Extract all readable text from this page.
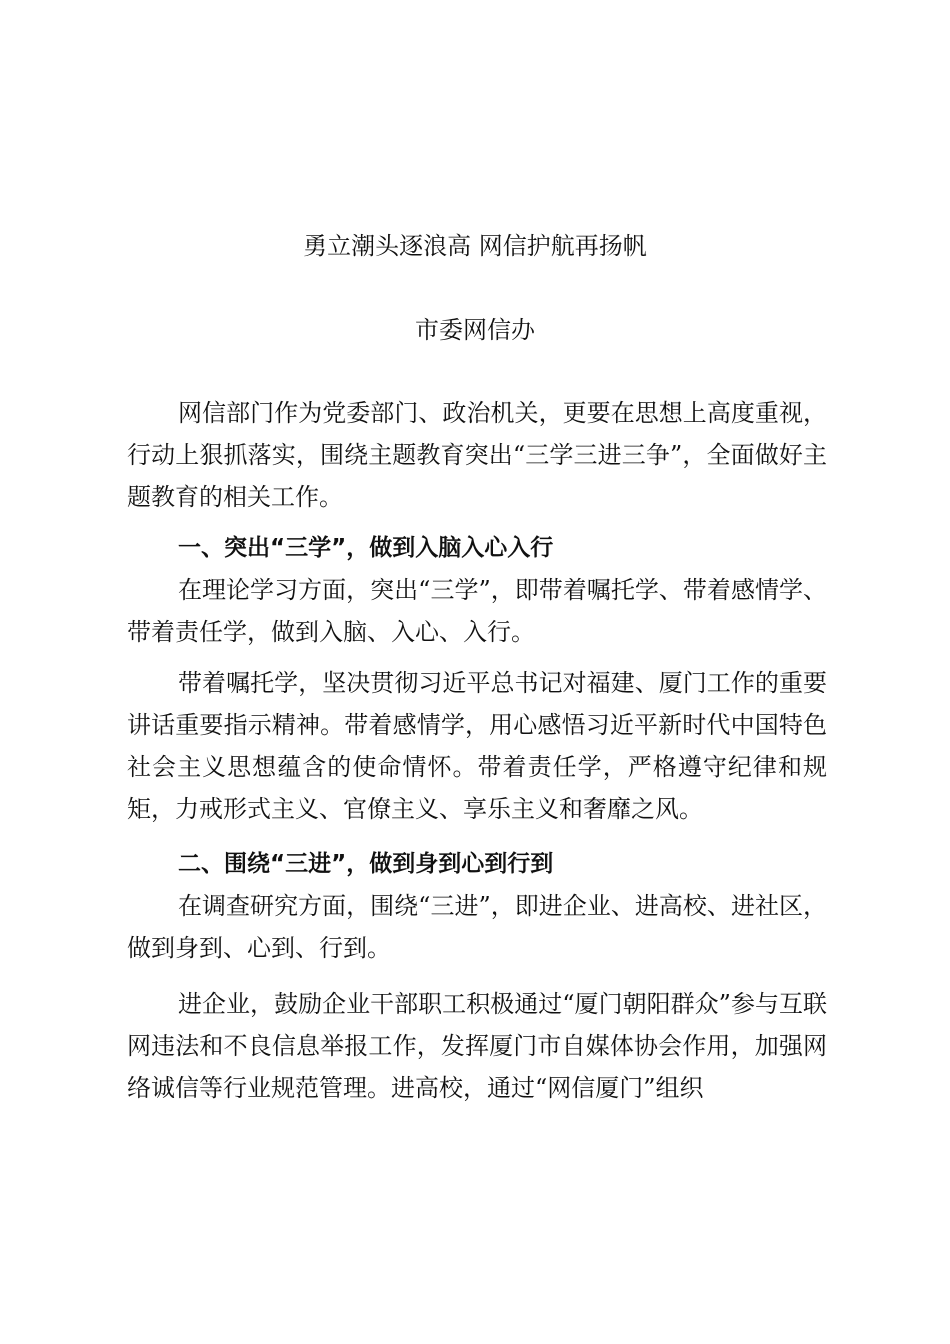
勇立潮头逐浪高 网信护航再扬帆
市委网信办

网信部门作为党委部门、政治机关，更要在思想上高度重视，行动上狠抓落实，围绕主题教育突出“三学三进三争”，全面做好主题教育的相关工作。

一、突出“三学”，做到入脑入心入行

在理论学习方面，突出“三学”，即带着嘱托学、带着感情学、带着责任学，做到入脑、入心、入行。

带着嘱托学，坚决贯彻习近平总书记对福建、厦门工作的重要讲话重要指示精神。带着感情学，用心感悟习近平新时代中国特色社会主义思想蕴含的使命情怀。带着责任学，严格遵守纪律和规矩，力戒形式主义、官僚主义、享乐主义和奢靡之风。

二、围绕“三进”，做到身到心到行到

在调查研究方面，围绕“三进”，即进企业、进高校、进社区，做到身到、心到、行到。

进企业，鼓励企业干部职工积极通过“厦门朝阳群众”参与互联网违法和不良信息举报工作，发挥厦门市自媒体协会作用，加强网络诚信等行业规范管理。进高校，通过“网信厦门”组织
